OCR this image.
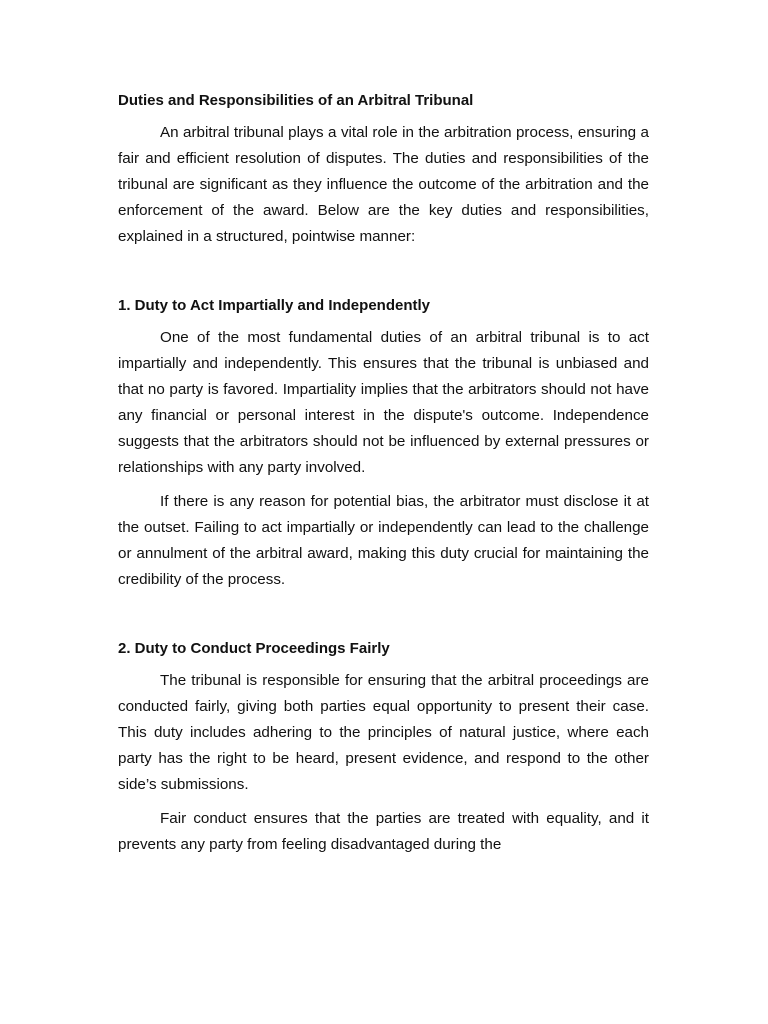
Duties and Responsibilities of an Arbitral Tribunal

An arbitral tribunal plays a vital role in the arbitration process, ensuring a fair and efficient resolution of disputes. The duties and responsibilities of the tribunal are significant as they influence the outcome of the arbitration and the enforcement of the award. Below are the key duties and responsibilities, explained in a structured, pointwise manner:

1. Duty to Act Impartially and Independently

One of the most fundamental duties of an arbitral tribunal is to act impartially and independently. This ensures that the tribunal is unbiased and that no party is favored. Impartiality implies that the arbitrators should not have any financial or personal interest in the dispute's outcome. Independence suggests that the arbitrators should not be influenced by external pressures or relationships with any party involved.

If there is any reason for potential bias, the arbitrator must disclose it at the outset. Failing to act impartially or independently can lead to the challenge or annulment of the arbitral award, making this duty crucial for maintaining the credibility of the process.

2. Duty to Conduct Proceedings Fairly

The tribunal is responsible for ensuring that the arbitral proceedings are conducted fairly, giving both parties equal opportunity to present their case. This duty includes adhering to the principles of natural justice, where each party has the right to be heard, present evidence, and respond to the other side’s submissions.

Fair conduct ensures that the parties are treated with equality, and it prevents any party from feeling disadvantaged during the
